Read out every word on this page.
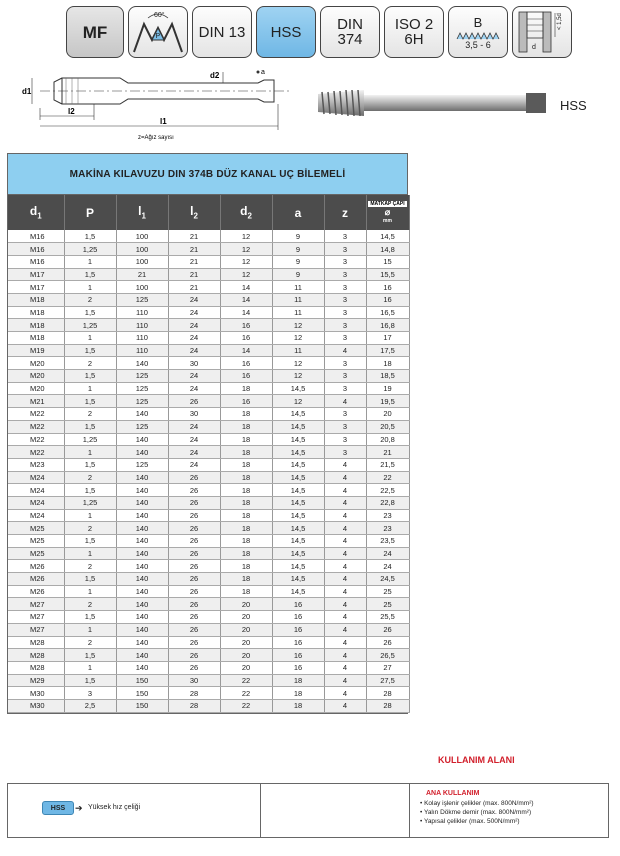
MF
60°
P	DIN 13 HSS DIN
374
ISO 2
6H
B
3,5 - 6
< 1,5d
d
d1
d2	a
l2
l1
z=Ağız sayısı
HSS
MAKİNA KILAVUZU DIN 374B DÜZ KANAL UÇ BİLEMELİ
$d_1$	P	$l_1$	$l_2$	$d_2$	a	z	MATKAP ÇAPI
⌀
mm

M16	1,5	100	21	12	9	3	14,5
M16	1,25	100	21	12	9	3	14,8
M16	1	100	21	12	9	3	15
M17	1,5	21	21	12	9	3	15,5
M17	1	100	21	14	11	3	16
M18	2	125	24	14	11	3	16
M18	1,5	110	24	14	11	3	16,5
M18	1,25	110	24	16	12	3	16,8
M18	1	110	24	16	12	3	17
M19	1,5	110	24	14	11	4	17,5
M20	2	140	30	16	12	3	18
M20	1,5	125	24	16	12	3	18,5
M20	1	125	24	18	14,5	3	19
M21	1,5	125	26	16	12	4	19,5
M22	2	140	30	18	14,5	3	20
M22	1,5	125	24	18	14,5	3	20,5
M22	1,25	140	24	18	14,5	3	20,8
M22	1	140	24	18	14,5	3	21
M23	1,5	125	24	18	14,5	4	21,5
M24	2	140	26	18	14,5	4	22
M24	1,5	140	26	18	14,5	4	22,5
M24	1,25	140	26	18	14,5	4	22,8
M24	1	140	26	18	14,5	4	23
M25	2	140	26	18	14,5	4	23
M25	1,5	140	26	18	14,5	4	23,5
M25	1	140	26	18	14,5	4	24
M26	2	140	26	18	14,5	4	24
M26	1,5	140	26	18	14,5	4	24,5
M26	1	140	26	18	14,5	4	25
M27	2	140	26	20	16	4	25
M27	1,5	140	26	20	16	4	25,5
M27	1	140	26	20	16	4	26
M28	2	140	26	20	16	4	26
M28	1,5	140	26	20	16	4	26,5
M28	1	140	26	20	16	4	27
M29	1,5	150	30	22	18	4	27,5
M30	3	150	28	22	18	4	28
M30	2,5	150	28	22	18	4	28
KULLANIM ALANI
HSS	➔ Yüksek hız çeliği
ANA KULLANIM
• Kolay işlenir çelikler (max. 800N/mm²)
• Yalın Dökme demir (max. 800N/mm²)
• Yapısal çelikler (max. 500N/mm²)
